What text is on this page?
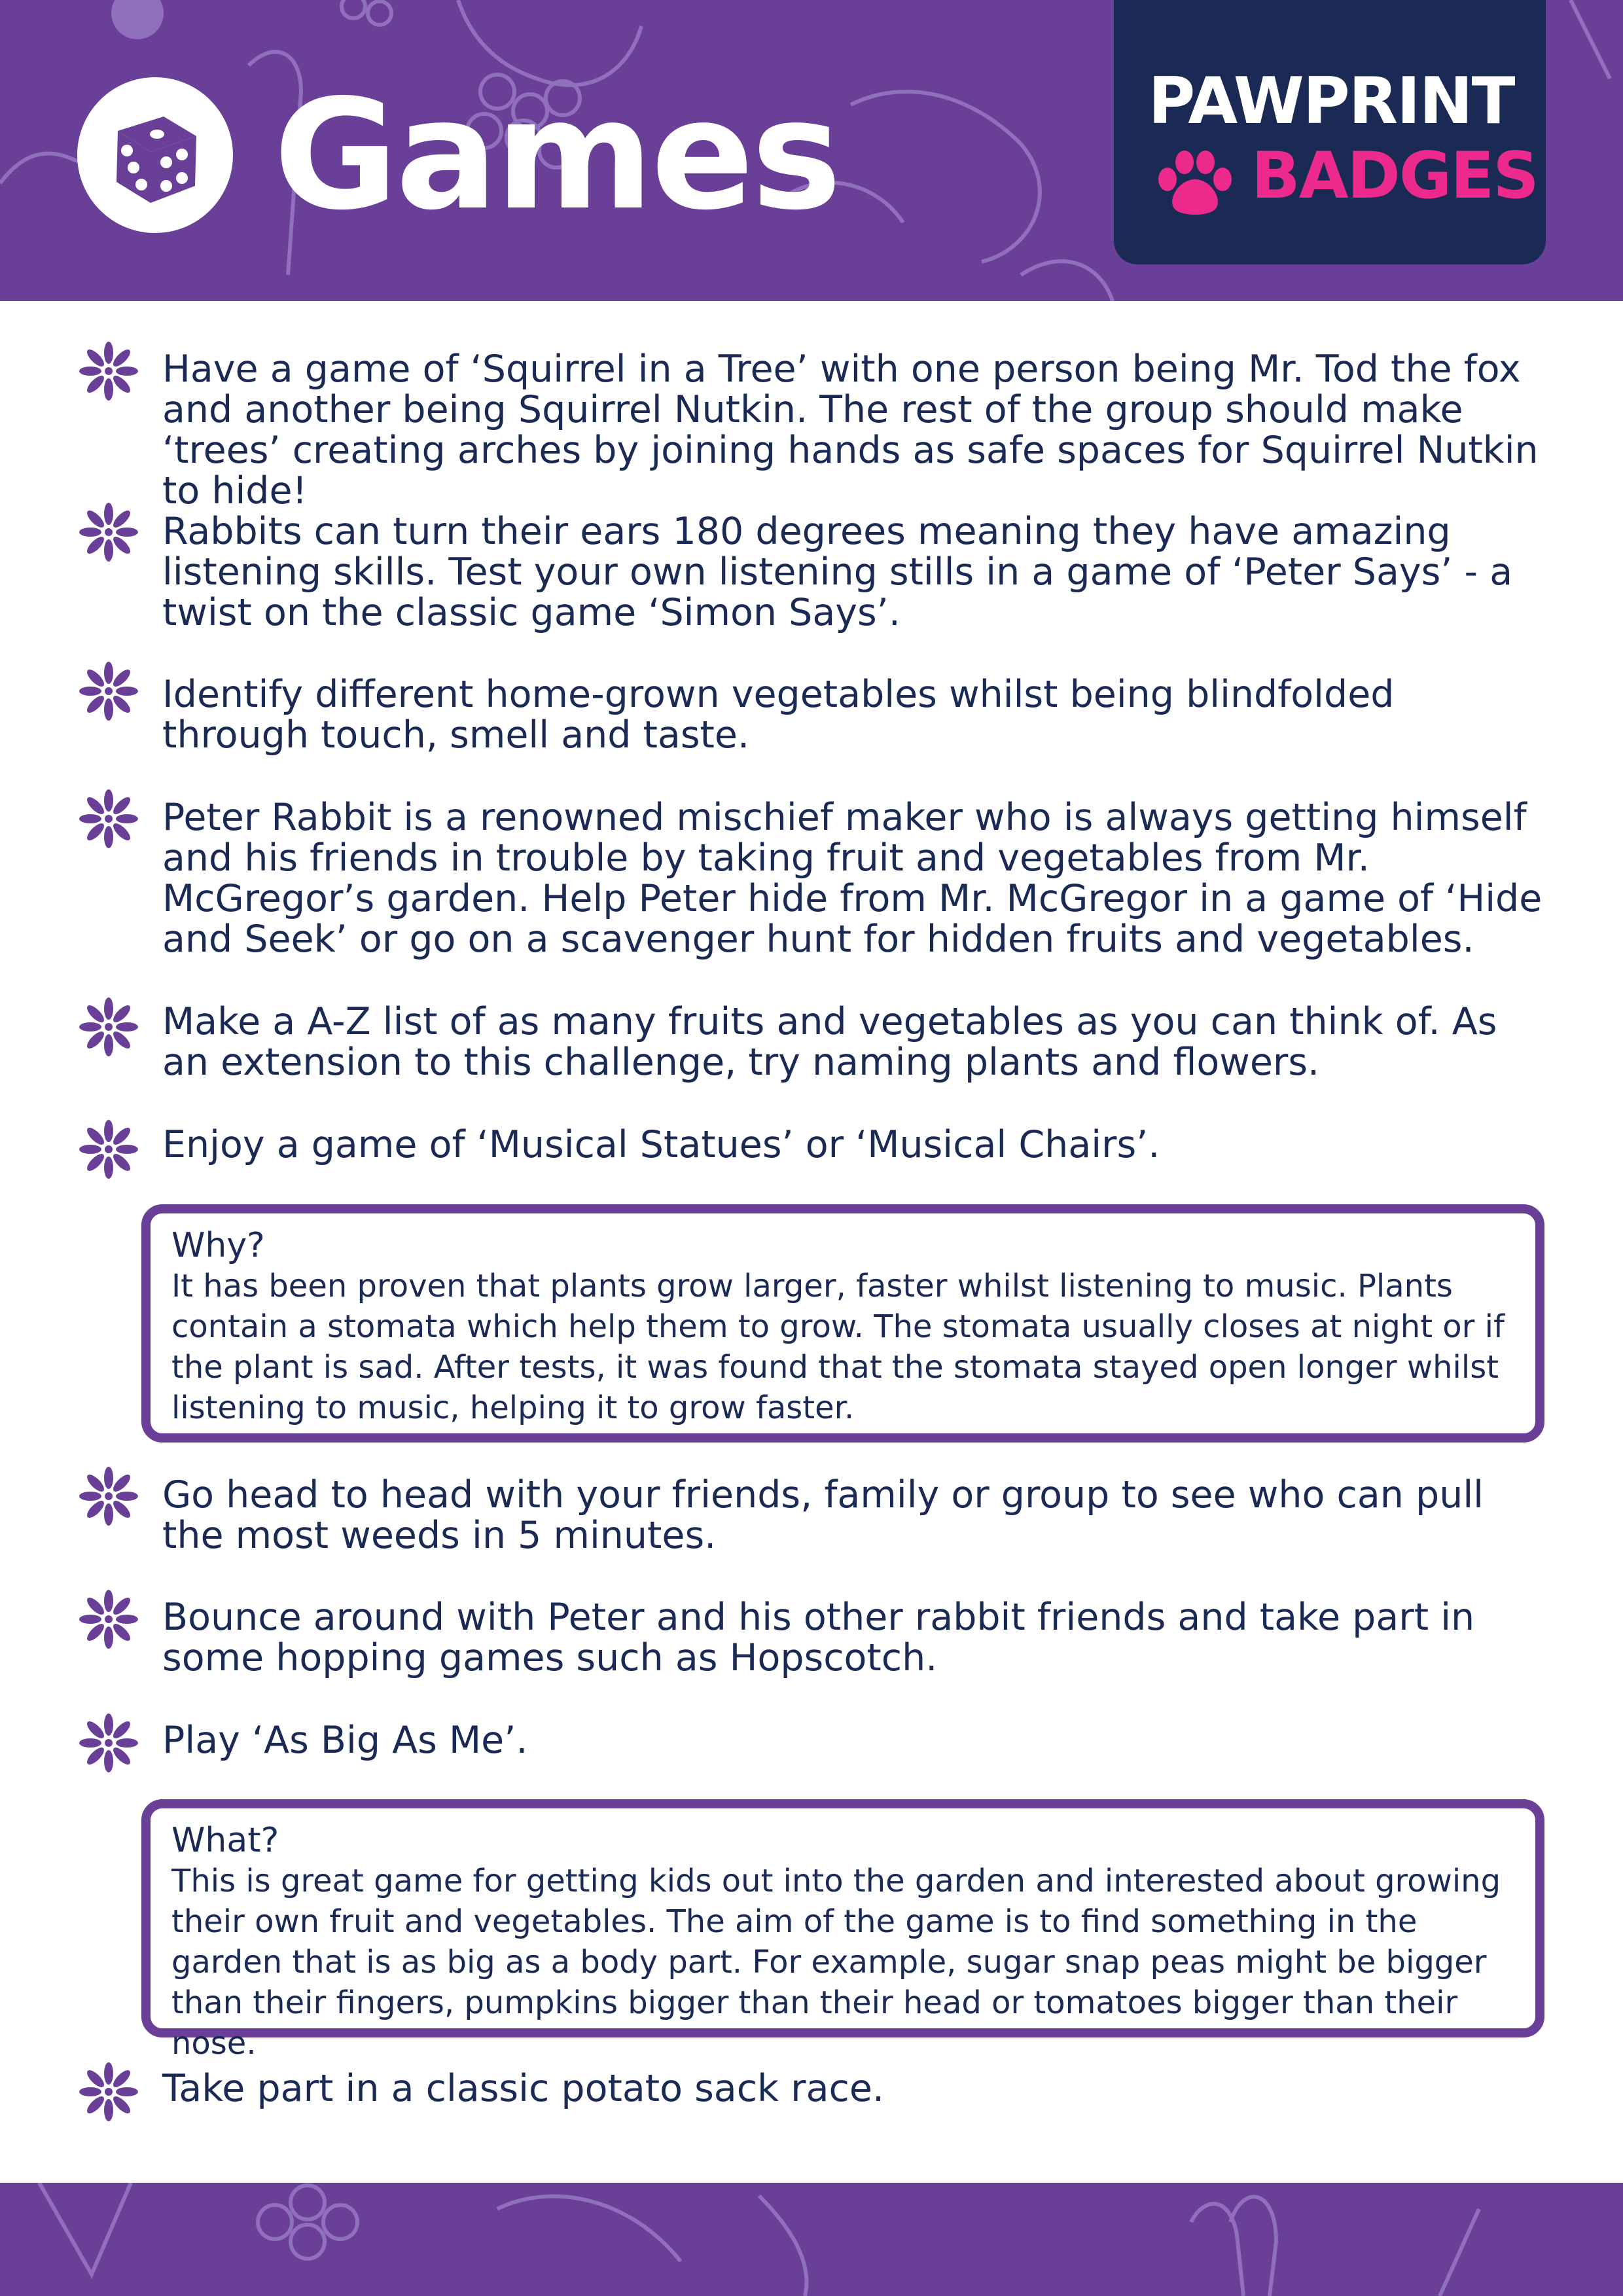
Games	PAWPRINT
BADGES
Have a game of ‘Squirrel in a Tree’ with one person being Mr. Tod the fox and another being Squirrel Nutkin. The rest of the group should make ‘trees’ creating arches by joining hands as safe spaces for Squirrel Nutkin to hide!
Rabbits can turn their ears 180 degrees meaning they have amazing listening skills. Test your own listening stills in a game of ‘Peter Says’ - a twist on the classic game ‘Simon Says’.
Identify different home-grown vegetables whilst being blindfolded through touch, smell and taste.
Peter Rabbit is a renowned mischief maker who is always getting himself and his friends in trouble by taking fruit and vegetables from Mr. McGregor’s garden. Help Peter hide from Mr. McGregor in a game of ‘Hide and Seek’ or go on a scavenger hunt for hidden fruits and vegetables.
Make a A-Z list of as many fruits and vegetables as you can think of. As an extension to this challenge, try naming plants and flowers.
Enjoy a game of ‘Musical Statues’ or ‘Musical Chairs’.
Why?
It has been proven that plants grow larger, faster whilst listening to music. Plants contain a stomata which help them to grow. The stomata usually closes at night or if the plant is sad. After tests, it was found that the stomata stayed open longer whilst listening to music, helping it to grow faster.
Go head to head with your friends, family or group to see who can pull the most weeds in 5 minutes.
Bounce around with Peter and his other rabbit friends and take part in some hopping games such as Hopscotch.
Play ‘As Big As Me’.
What?
This is great game for getting kids out into the garden and interested about growing their own fruit and vegetables. The aim of the game is to find something in the garden that is as big as a body part. For example, sugar snap peas might be bigger than their fingers, pumpkins bigger than their head or tomatoes bigger than their nose.
Take part in a classic potato sack race.
